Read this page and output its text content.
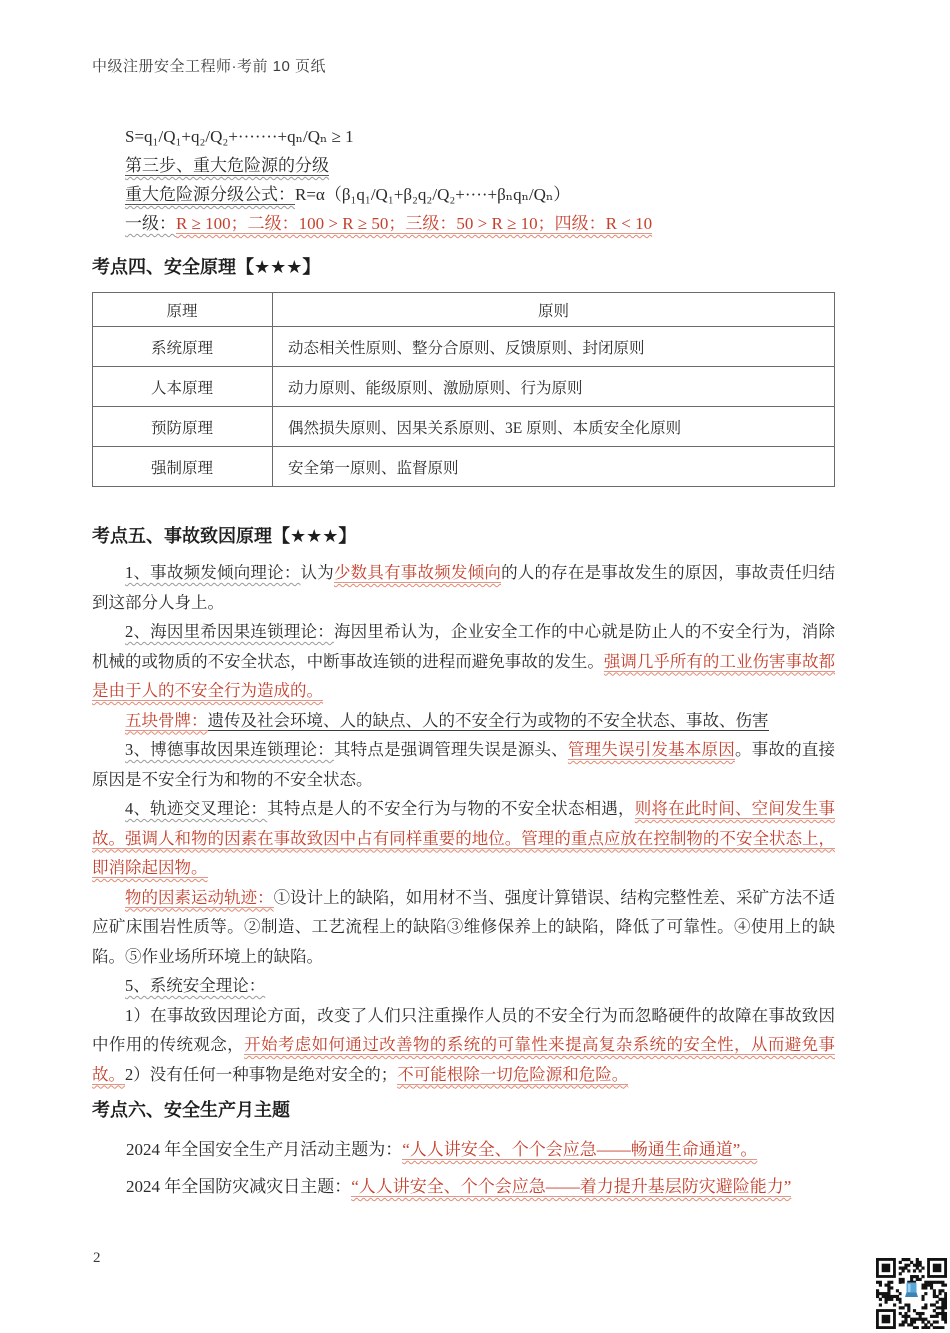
中级注册安全工程师·考前 10 页纸
S=q₁/Q₁+q₂/Q₂+·······+qₙ/Qₙ ≥ 1
第三步、重大危险源的分级
重大危险源分级公式：R=α（β₁q₁/Q₁+β₂q₂/Q₂+····+βₙqₙ/Qₙ）
一级：R ≥ 100；二级：100 > R ≥ 50；三级：50 > R ≥ 10；四级：R < 10
考点四、安全原理【★★★】
原理	原则
系统原理	动态相关性原则、整分合原则、反馈原则、封闭原则
人本原理	动力原则、能级原则、激励原则、行为原则
预防原理	偶然损失原则、因果关系原则、3E 原则、本质安全化原则
强制原理	安全第一原则、监督原则
考点五、事故致因原理【★★★】
1、事故频发倾向理论：认为少数具有事故频发倾向的人的存在是事故发生的原因，事故责任归结到这部分人身上。
2、海因里希因果连锁理论：海因里希认为，企业安全工作的中心就是防止人的不安全行为，消除机械的或物质的不安全状态，中断事故连锁的进程而避免事故的发生。强调几乎所有的工业伤害事故都是由于人的不安全行为造成的。
五块骨牌：遗传及社会环境、人的缺点、人的不安全行为或物的不安全状态、事故、伤害
3、博德事故因果连锁理论：其特点是强调管理失误是源头、管理失误引发基本原因。事故的直接原因是不安全行为和物的不安全状态。
4、轨迹交叉理论：其特点是人的不安全行为与物的不安全状态相遇，则将在此时间、空间发生事故。强调人和物的因素在事故致因中占有同样重要的地位。管理的重点应放在控制物的不安全状态上，即消除起因物。
物的因素运动轨迹：①设计上的缺陷，如用材不当、强度计算错误、结构完整性差、采矿方法不适应矿床围岩性质等。②制造、工艺流程上的缺陷③维修保养上的缺陷，降低了可靠性。④使用上的缺陷。⑤作业场所环境上的缺陷。
5、系统安全理论：
1）在事故致因理论方面，改变了人们只注重操作人员的不安全行为而忽略硬件的故障在事故致因中作用的传统观念，开始考虑如何通过改善物的系统的可靠性来提高复杂系统的安全性，从而避免事故。2）没有任何一种事物是绝对安全的；不可能根除一切危险源和危险。
考点六、安全生产月主题
2024 年全国安全生产月活动主题为：“人人讲安全、个个会应急——畅通生命通道”。
2024 年全国防灾减灾日主题：“人人讲安全、个个会应急——着力提升基层防灾避险能力”
2
